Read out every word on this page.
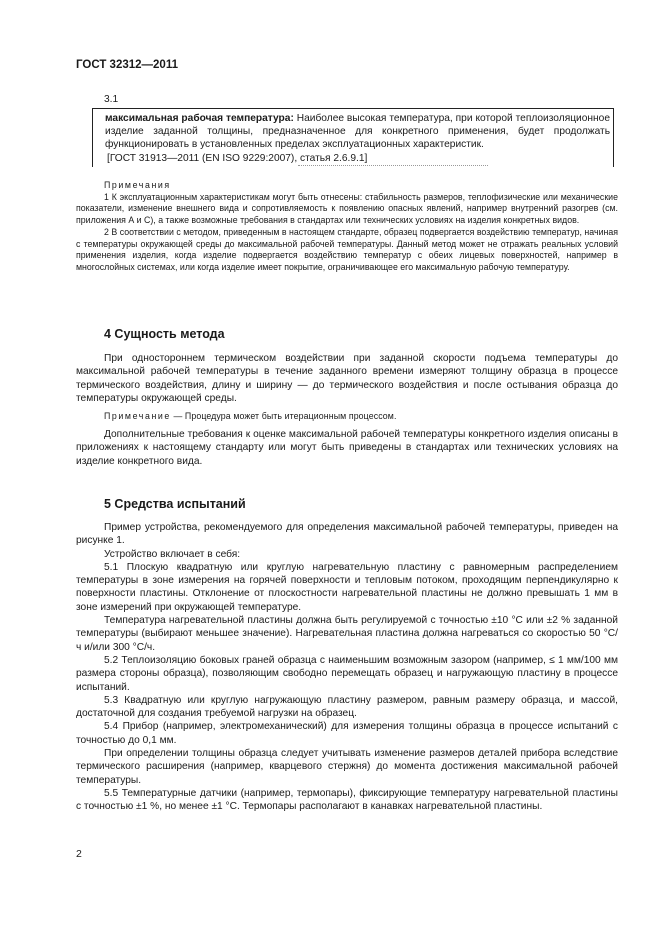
ГОСТ 32312—2011
3.1

максимальная рабочая температура: Наиболее высокая температура, при которой теплоизоляционное изделие заданной толщины, предназначенное для конкретного применения, будет продолжать функционировать в установленных пределах эксплуатационных характеристик.

[ГОСТ 31913—2011 (EN ISO 9229:2007), статья 2.6.9.1]

Примечания

1 К эксплуатационным характеристикам могут быть отнесены: стабильность размеров, теплофизические или механические показатели, изменение внешнего вида и сопротивляемость к появлению опасных явлений, например внутренний разогрев (см. приложения А и С), а также возможные требования в стандартах или технических условиях на изделия конкретных видов.

2 В соответствии с методом, приведенным в настоящем стандарте, образец подвергается воздействию температур, начиная с температуры окружающей среды до максимальной рабочей температуры. Данный метод может не отражать реальных условий применения изделия, когда изделие подвергается воздействию температур с обеих лицевых поверхностей, например в многослойных системах, или когда изделие имеет покрытие, ограничивающее его максимальную рабочую температуру.

4 Сущность метода

При одностороннем термическом воздействии при заданной скорости подъема температуры до максимальной рабочей температуры в течение заданного времени измеряют толщину образца в процессе термического воздействия, длину и ширину — до термического воздействия и после остывания образца до температуры окружающей среды.

Примечание — Процедура может быть итерационным процессом.

Дополнительные требования к оценке максимальной рабочей температуры конкретного изделия описаны в приложениях к настоящему стандарту или могут быть приведены в стандартах или технических условиях на изделие конкретного вида.

5 Средства испытаний

Пример устройства, рекомендуемого для определения максимальной рабочей температуры, приведен на рисунке 1.

Устройство включает в себя:

5.1 Плоскую квадратную или круглую нагревательную пластину с равномерным распределением температуры в зоне измерения на горячей поверхности и тепловым потоком, проходящим перпендикулярно к поверхности пластины. Отклонение от плоскостности нагревательной пластины не должно превышать 1 мм в зоне измерений при окружающей температуре.

Температура нагревательной пластины должна быть регулируемой с точностью ±10 °С или ±2 % заданной температуры (выбирают меньшее значение). Нагревательная пластина должна нагреваться со скоростью 50 °С/ч и/или 300 °С/ч.

5.2 Теплоизоляцию боковых граней образца с наименьшим возможным зазором (например, ≤ 1 мм/100 мм размера стороны образца), позволяющим свободно перемещать образец и нагружающую пластину в процессе испытаний.

5.3 Квадратную или круглую нагружающую пластину размером, равным размеру образца, и массой, достаточной для создания требуемой нагрузки на образец.

5.4 Прибор (например, электромеханический) для измерения толщины образца в процессе испытаний с точностью до 0,1 мм.

При определении толщины образца следует учитывать изменение размеров деталей прибора вследствие термического расширения (например, кварцевого стержня) до момента достижения максимальной рабочей температуры.

5.5 Температурные датчики (например, термопары), фиксирующие температуру нагревательной пластины с точностью ±1 %, но менее ±1 °С. Термопары располагают в канавках нагревательной пластины.

2
